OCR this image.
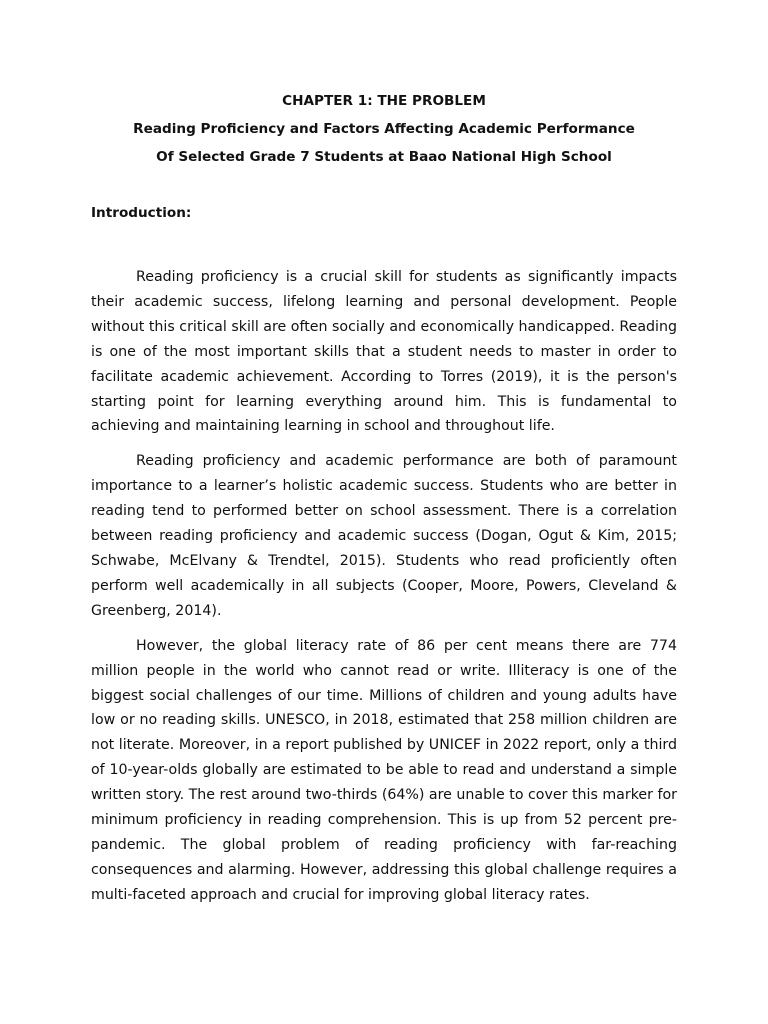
CHAPTER 1: THE PROBLEM
Reading Proficiency and Factors Affecting Academic Performance
Of Selected Grade 7 Students at Baao National High School
Introduction:

Reading proficiency is a crucial skill for students as significantly impacts their academic success, lifelong learning and personal development. People without this critical skill are often socially and economically handicapped. Reading is one of the most important skills that a student needs to master in order to facilitate academic achievement. According to Torres (2019), it is the person's starting point for learning everything around him. This is fundamental to achieving and maintaining learning in school and throughout life.

Reading proficiency and academic performance are both of paramount importance to a learner’s holistic academic success. Students who are better in reading tend to performed better on school assessment. There is a correlation between reading proficiency and academic success (Dogan, Ogut & Kim, 2015; Schwabe, McElvany & Trendtel, 2015). Students who read proficiently often perform well academically in all subjects (Cooper, Moore, Powers, Cleveland & Greenberg, 2014).

However, the global literacy rate of 86 per cent means there are 774 million people in the world who cannot read or write. Illiteracy is one of the biggest social challenges of our time. Millions of children and young adults have low or no reading skills. UNESCO, in 2018, estimated that 258 million children are not literate. Moreover, in a report published by UNICEF in 2022 report, only a third of 10-year-olds globally are estimated to be able to read and understand a simple written story. The rest around two-thirds (64%) are unable to cover this marker for minimum proficiency in reading comprehension. This is up from 52 percent pre-pandemic. The global problem of reading proficiency with far-reaching consequences and alarming. However, addressing this global challenge requires a multi-faceted approach and crucial for improving global literacy rates.
